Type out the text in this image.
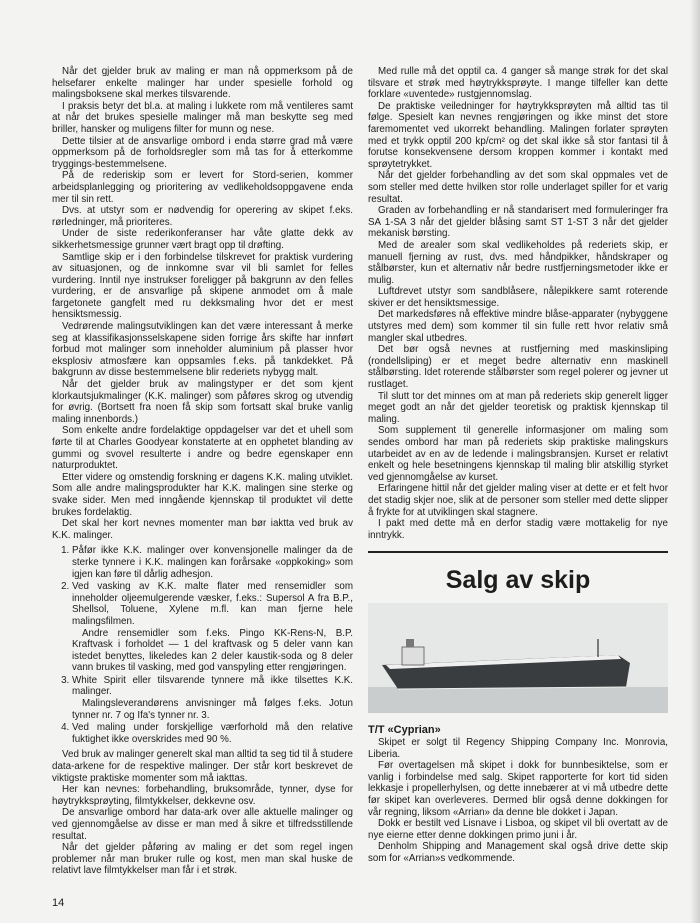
Når det gjelder bruk av maling er man nå oppmerksom på de helsefarer enkelte malinger har under spesielle forhold og malingsboksene skal merkes tilsvarende.

I praksis betyr det bl.a. at maling i lukkete rom må ventileres samt at når det brukes spesielle malinger må man beskytte seg med briller, hansker og muligens filter for munn og nese.

Dette tilsier at de ansvarlige ombord i enda større grad må være oppmerksom på de forholdsregler som må tas for å etterkomme tryggings-bestemmelsene.

På de rederiskip som er levert for Stord-serien, kommer arbeidsplanlegging og prioritering av vedlikeholdsoppgavene enda mer til sin rett.

Dvs. at utstyr som er nødvendig for operering av skipet f.eks. rørledninger, må prioriteres.

Under de siste rederikonferanser har våte glatte dekk av sikkerhetsmessige grunner vært bragt opp til drøfting.

Samtlige skip er i den forbindelse tilskrevet for praktisk vurdering av situasjonen, og de innkomne svar vil bli samlet for felles vurdering. Inntil nye instrukser foreligger på bakgrunn av den felles vurdering, er de ansvarlige på skipene anmodet om å male fargetonete gangfelt med ru dekksmaling hvor det er mest hensiktsmessig.

Vedrørende malingsutviklingen kan det være interessant å merke seg at klassifikasjonsselskapene siden forrige års skifte har innført forbud mot malinger som inneholder aluminium på plasser hvor eksplosiv atmosfære kan oppsamles f.eks. på tankdekket. På bakgrunn av disse bestemmelsene blir rederiets nybygg malt.

Når det gjelder bruk av malingstyper er det som kjent klorkautsjukmalinger (K.K. malinger) som påføres skrog og utvendig for øvrig. (Bortsett fra noen få skip som fortsatt skal bruke vanlig maling innenbords.)

Som enkelte andre fordelaktige oppdagelser var det et uhell som førte til at Charles Goodyear konstaterte at en opphetet blanding av gummi og svovel resulterte i andre og bedre egenskaper enn naturproduktet.

Etter videre og omstendig forskning er dagens K.K. maling utviklet. Som alle andre malingsprodukter har K.K. malingen sine sterke og svake sider. Men med inngående kjennskap til produktet vil dette brukes fordelaktig.

Det skal her kort nevnes momenter man bør iaktta ved bruk av K.K. malinger.

1. Påfør ikke K.K. malinger over konvensjonelle malinger da de sterke tynnere i K.K. malingen kan forårsake «oppkoking» som igjen kan føre til dårlig adhesjon.

2. Ved vasking av K.K. malte flater med rensemidler som inneholder oljeemulgerende væsker, f.eks.: Supersol A fra B.P., Shellsol, Toluene, Xylene m.fl. kan man fjerne hele malingsfilmen.

Andre rensemidler som f.eks. Pingo KK-Rens-N, B.P. Kraftvask i forholdet — 1 del kraftvask og 5 deler vann kan istedet benyttes, likeledes kan 2 deler kaustik-soda og 8 deler vann brukes til vasking, med god vanspyling etter rengjøringen.

3. White Spirit eller tilsvarende tynnere må ikke tilsettes K.K. malinger.

Malingsleverandørens anvisninger må følges f.eks. Jotun tynner nr. 7 og Ifa's tynner nr. 3.

4. Ved maling under forskjellige værforhold må den relative fuktighet ikke overskrides med 90 %.

Ved bruk av malinger generelt skal man alltid ta seg tid til å studere data-arkene for de respektive malinger. Der står kort beskrevet de viktigste praktiske momenter som må iakttas.

Her kan nevnes: forbehandling, bruksområde, tynner, dyse for høytrykksprøyting, filmtykkelser, dekkevne osv.

De ansvarlige ombord har data-ark over alle aktuelle malinger og ved gjennomgåelse av disse er man med å sikre et tilfredsstillende resultat.

Når det gjelder påføring av maling er det som regel ingen problemer når man bruker rulle og kost, men man skal huske de relativt lave filmtykkelser man får i et strøk.

Med rulle må det opptil ca. 4 ganger så mange strøk for det skal tilsvare et strøk med høytrykksprøyte. I mange tilfeller kan dette forklare «uventede» rustgjennomslag.

De praktiske veiledninger for høytrykksprøyten må alltid tas til følge. Spesielt kan nevnes rengjøringen og ikke minst det store faremomentet ved ukorrekt behandling. Malingen forlater sprøyten med et trykk opptil 200 kp/cm² og det skal ikke så stor fantasi til å forutse konsekvensene dersom kroppen kommer i kontakt med sprøytetrykket.

Når det gjelder forbehandling av det som skal oppmales vet de som steller med dette hvilken stor rolle underlaget spiller for et varig resultat.

Graden av forbehandling er nå standarisert med formuleringer fra SA 1-SA 3 når det gjelder blåsing samt ST 1-ST 3 når det gjelder mekanisk børsting.

Med de arealer som skal vedlikeholdes på rederiets skip, er manuell fjerning av rust, dvs. med håndpikker, håndskraper og stålbørster, kun et alternativ når bedre rustfjerningsmetoder ikke er mulig.

Luftdrevet utstyr som sandblåsere, nålepikkere samt roterende skiver er det hensiktsmessige.

Det markedsføres nå effektive mindre blåse-apparater (nybyggene utstyres med dem) som kommer til sin fulle rett hvor relativ små mangler skal utbedres.

Det bør også nevnes at rustfjerning med maskinsliping (rondellsliping) er et meget bedre alternativ enn maskinell stålbørsting. Idet roterende stålbørster som regel polerer og jevner ut rustlaget.

Til slutt tor det minnes om at man på rederiets skip generelt ligger meget godt an når det gjelder teoretisk og praktisk kjennskap til maling.

Som supplement til generelle informasjoner om maling som sendes ombord har man på rederiets skip praktiske malingskurs utarbeidet av en av de ledende i malingsbransjen. Kurset er relativt enkelt og hele besetningens kjennskap til maling blir atskillig styrket ved gjennomgåelse av kurset.

Erfaringene hittil når det gjelder maling viser at dette er et felt hvor det stadig skjer noe, slik at de personer som steller med dette slipper å frykte for at utviklingen skal stagnere.

I pakt med dette må en derfor stadig være mottakelig for nye inntrykk.

Salg av skip

T/T «Cyprian»

Skipet er solgt til Regency Shipping Company Inc. Monrovia, Liberia.

Før overtagelsen må skipet i dokk for bunnbesiktelse, som er vanlig i forbindelse med salg. Skipet rapporterte for kort tid siden lekkasje i propellerhylsen, og dette innebærer at vi må utbedre dette før skipet kan overleveres. Dermed blir også denne dokkingen for vår regning, liksom «Arrian» da denne ble dokket i Japan.

Dokk er bestilt ved Lisnave i Lisboa, og skipet vil bli overtatt av de nye eierne etter denne dokkingen primo juni i år.

Denholm Shipping and Management skal også drive dette skip som for «Arrian»s vedkommende.

14
